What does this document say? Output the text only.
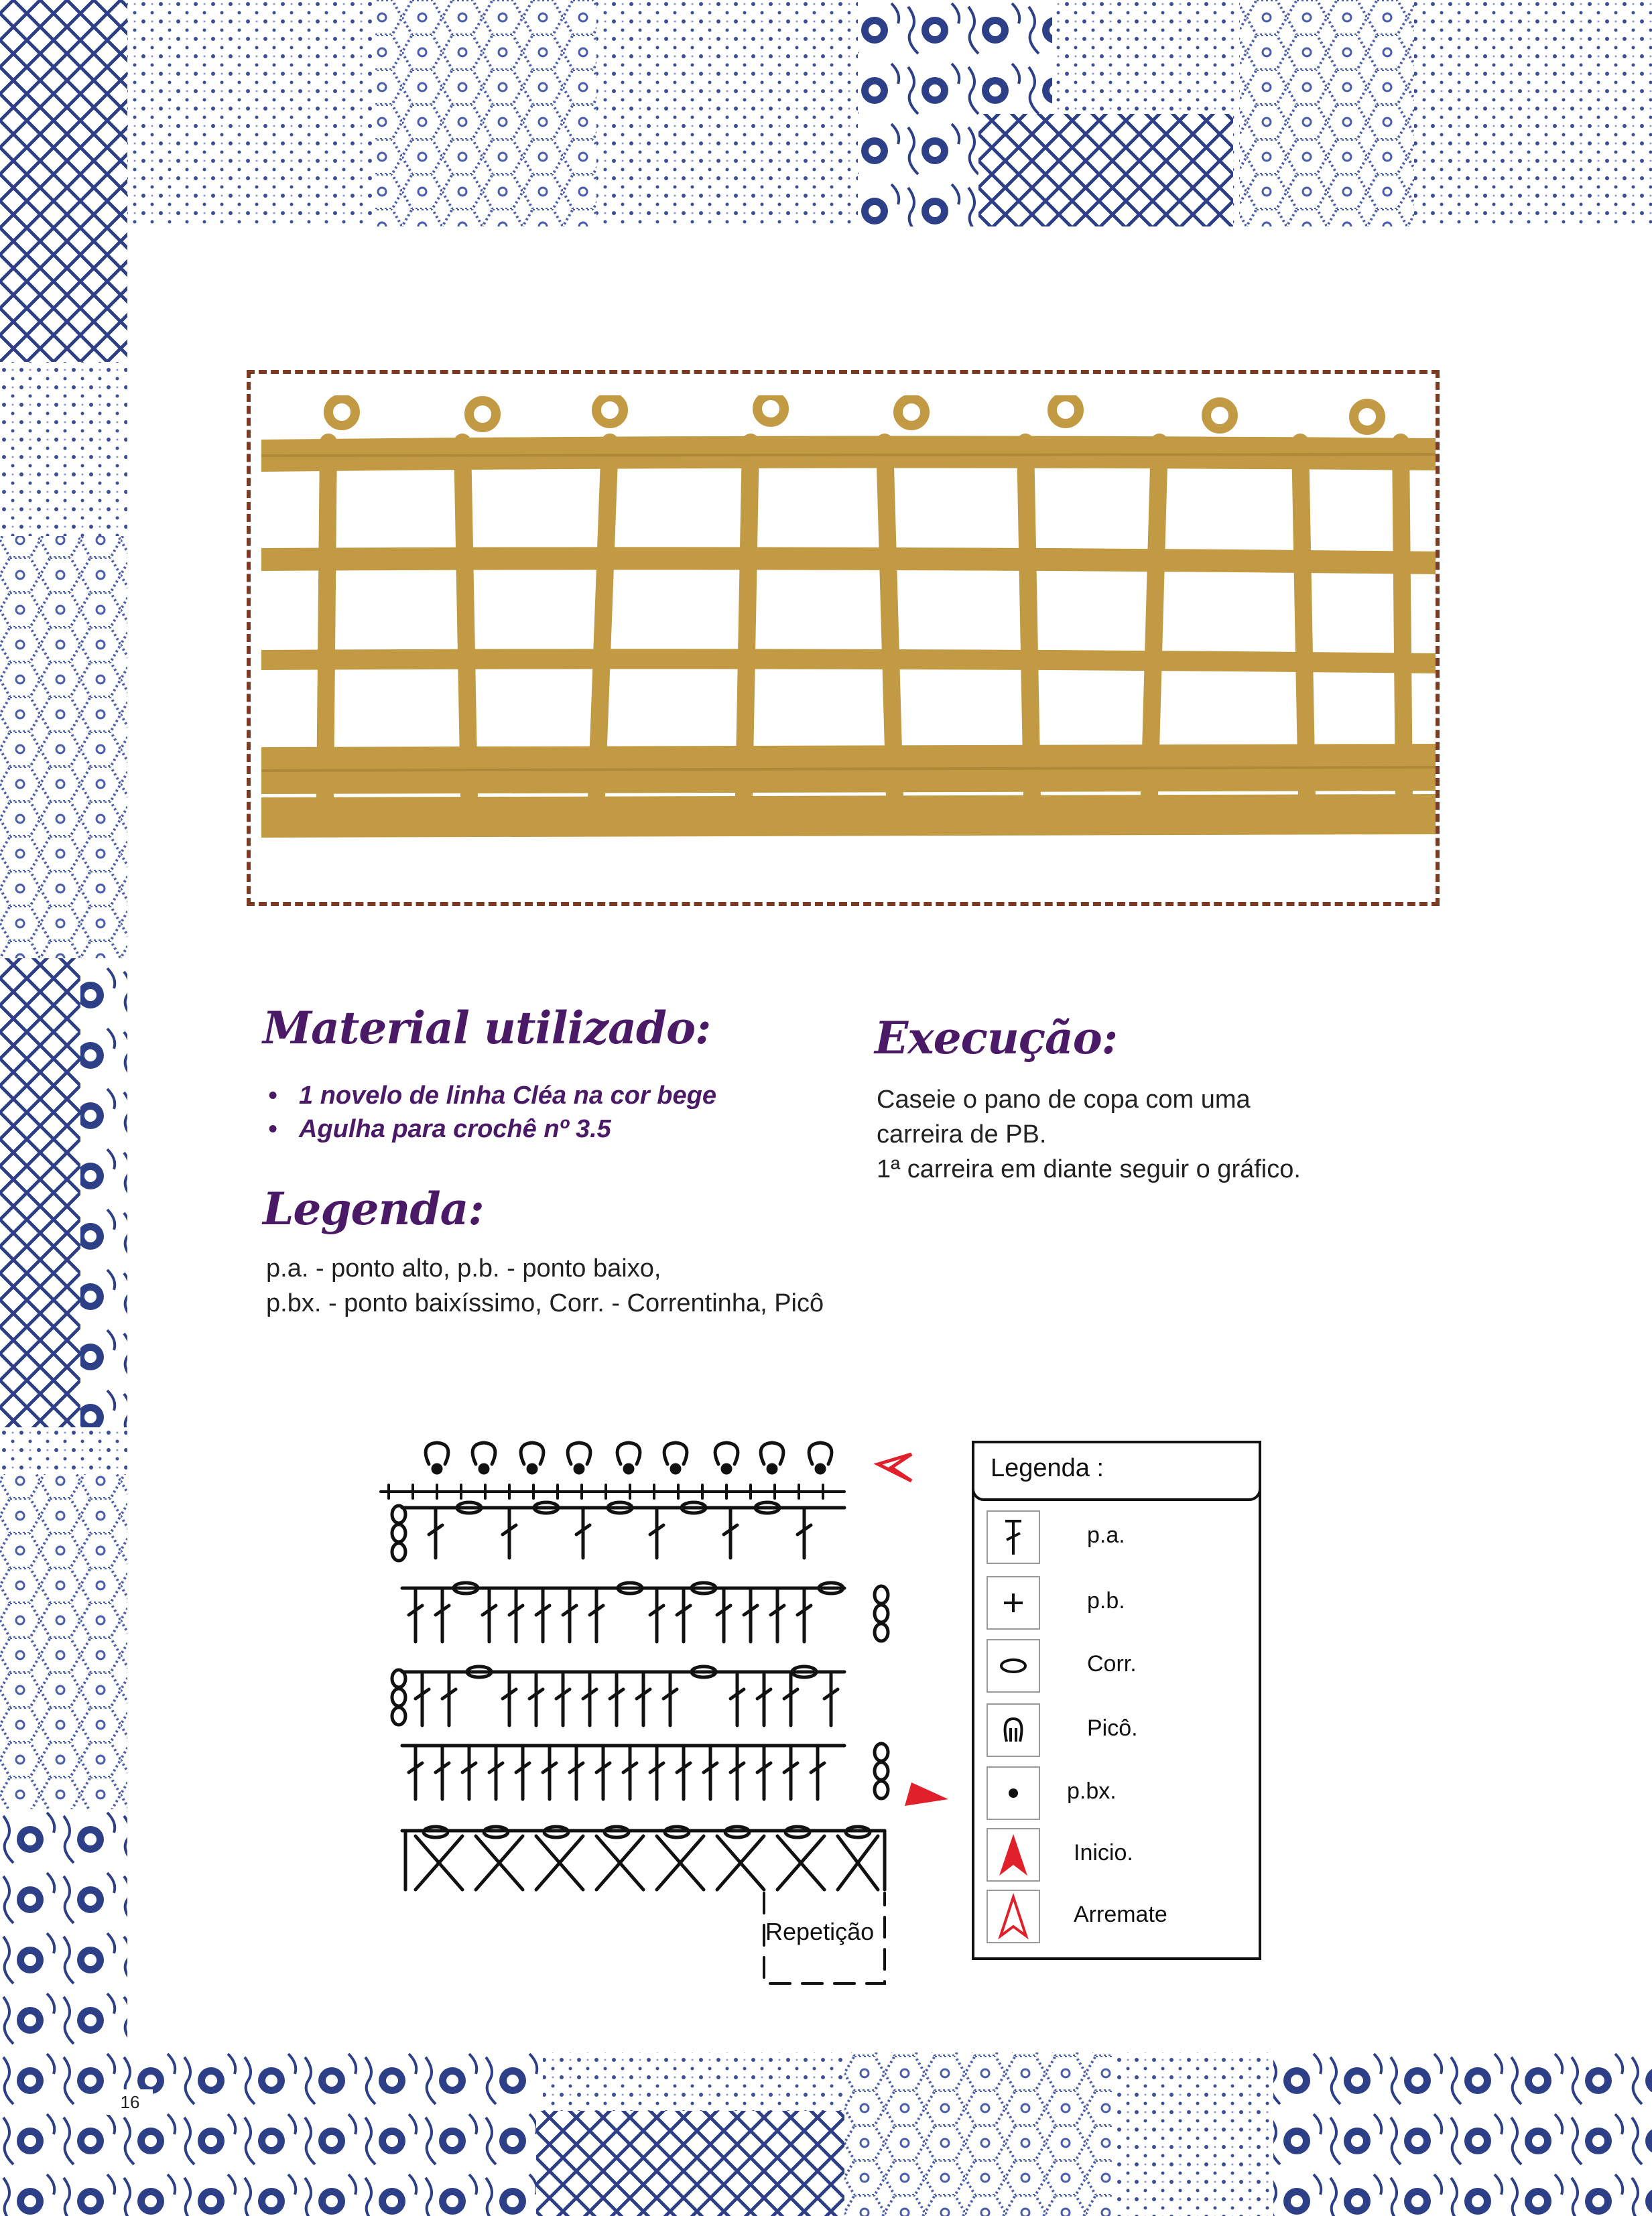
Material utilizado:
• 1 novelo de linha Cléa na cor bege
• Agulha para crochê nº 3.5
Legenda:

p.a. - ponto alto, p.b. - ponto baixo,

p.bx. - ponto baixíssimo, Corr. - Correntinha, Picô

Execução:

Caseie o pano de copa com uma

carreira de PB.

1ª carreira em diante seguir o gráfico.

Repetição
Legenda :
p.a.
p.b.
Corr.
Picô.
p.bx.
Inicio.
Arremate
16
